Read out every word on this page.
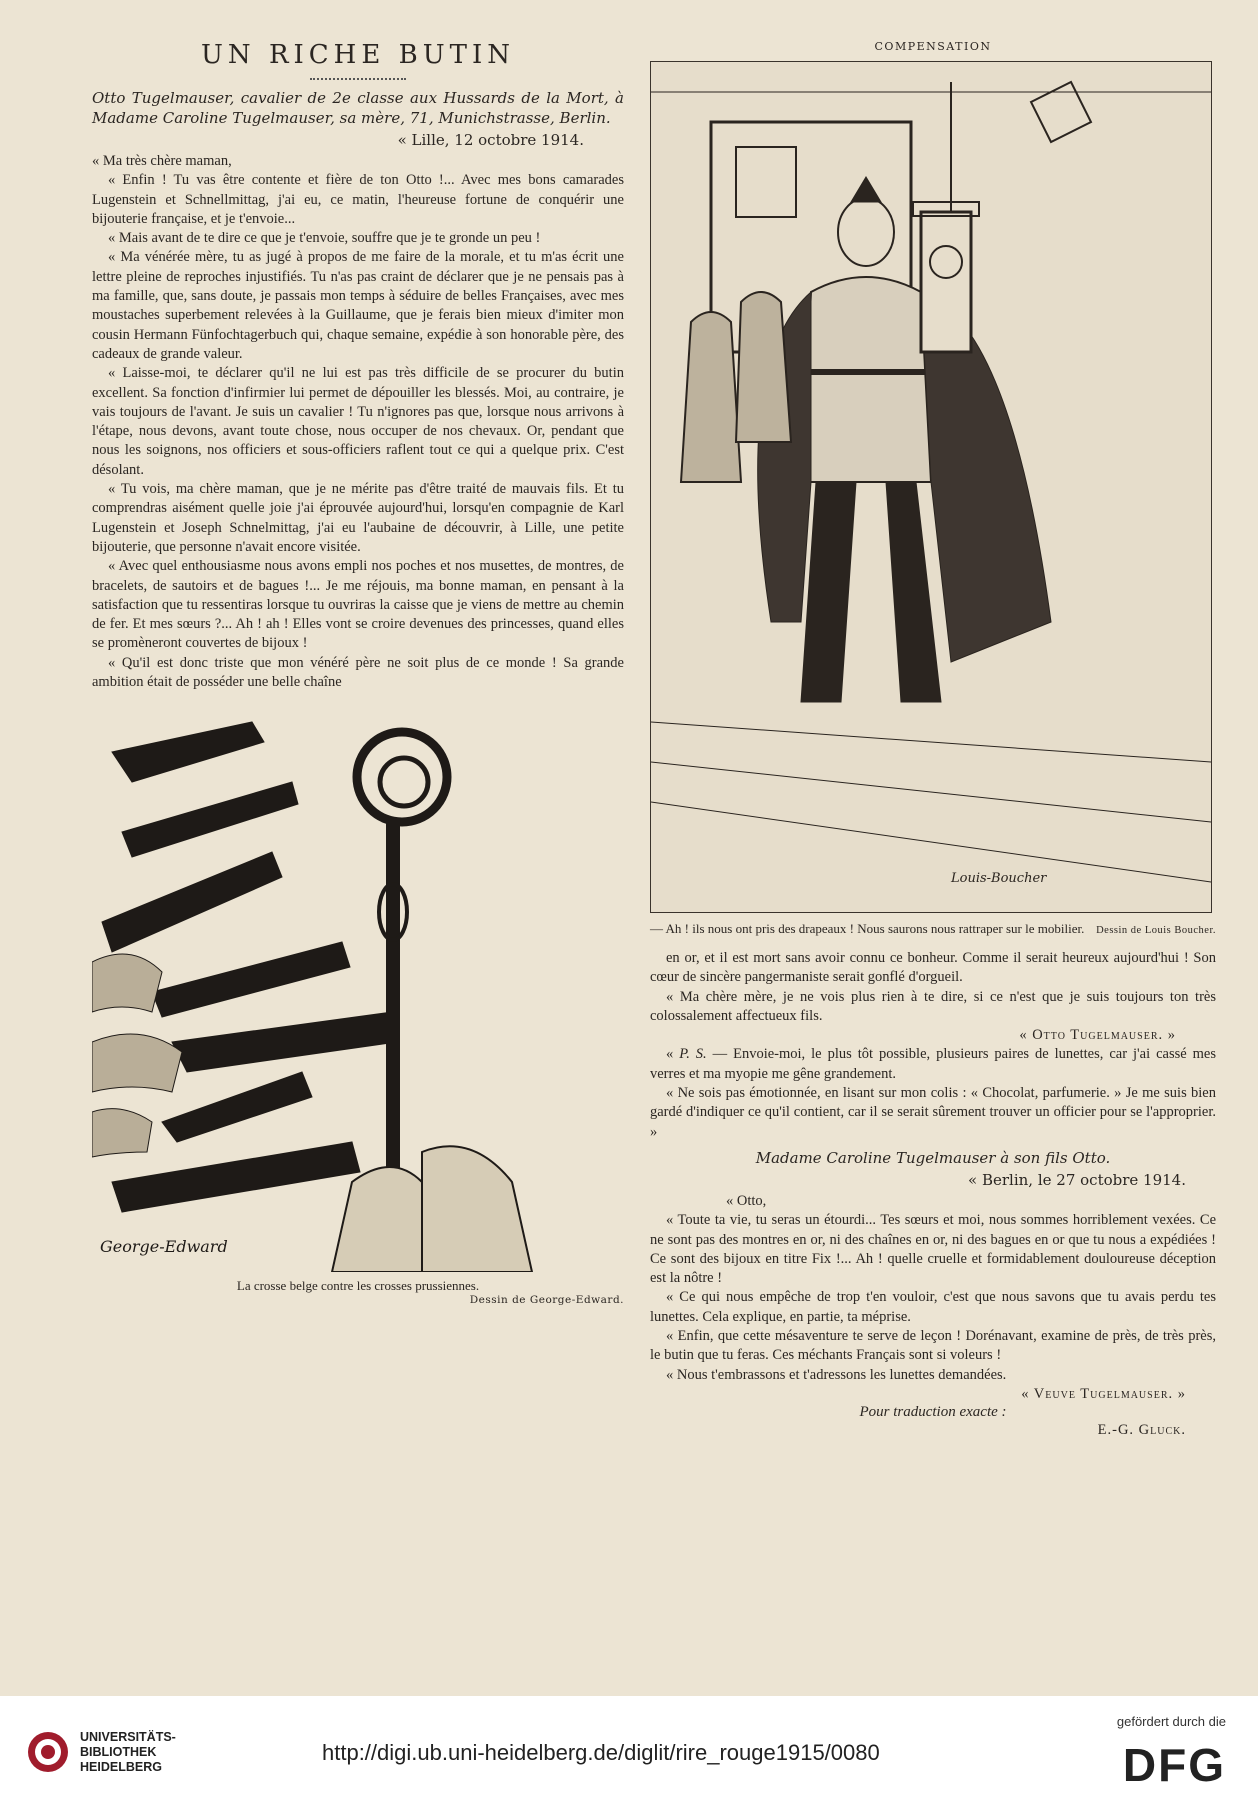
UN RICHE BUTIN
Otto Tugelmauser, cavalier de 2e classe aux Hussards de la Mort, à Madame Caroline Tugelmauser, sa mère, 71, Munichstrasse, Berlin.
« Lille, 12 octobre 1914.

« Ma très chère maman,

« Enfin ! Tu vas être contente et fière de ton Otto !... Avec mes bons camarades Lugenstein et Schnellmittag, j'ai eu, ce matin, l'heureuse fortune de conquérir une bijouterie française, et je t'envoie...

« Mais avant de te dire ce que je t'envoie, souffre que je te gronde un peu !

« Ma vénérée mère, tu as jugé à propos de me faire de la morale, et tu m'as écrit une lettre pleine de reproches injustifiés. Tu n'as pas craint de déclarer que je ne pensais pas à ma famille, que, sans doute, je passais mon temps à séduire de belles Françaises, avec mes moustaches superbement relevées à la Guillaume, que je ferais bien mieux d'imiter mon cousin Hermann Fünfochtagerbuch qui, chaque semaine, expédie à son honorable père, des cadeaux de grande valeur.

« Laisse-moi, te déclarer qu'il ne lui est pas très difficile de se procurer du butin excellent. Sa fonction d'infirmier lui permet de dépouiller les blessés. Moi, au contraire, je vais toujours de l'avant. Je suis un cavalier ! Tu n'ignores pas que, lorsque nous arrivons à l'étape, nous devons, avant toute chose, nous occuper de nos chevaux. Or, pendant que nous les soignons, nos officiers et sous-officiers raflent tout ce qui a quelque prix. C'est désolant.

« Tu vois, ma chère maman, que je ne mérite pas d'être traité de mauvais fils. Et tu comprendras aisément quelle joie j'ai éprouvée aujourd'hui, lorsqu'en compagnie de Karl Lugenstein et Joseph Schnelmittag, j'ai eu l'aubaine de découvrir, à Lille, une petite bijouterie, que personne n'avait encore visitée.

« Avec quel enthousiasme nous avons empli nos poches et nos musettes, de montres, de bracelets, de sautoirs et de bagues !... Je me réjouis, ma bonne maman, en pensant à la satisfaction que tu ressentiras lorsque tu ouvriras la caisse que je viens de mettre au chemin de fer. Et mes sœurs ?... Ah ! ah ! Elles vont se croire devenues des princesses, quand elles se promèneront couvertes de bijoux !

« Qu'il est donc triste que mon vénéré père ne soit plus de ce monde ! Sa grande ambition était de posséder une belle chaîne

George-Edward
La crosse belge contre les crosses prussiennes.
Dessin de George-Edward.
COMPENSATION
Louis-Boucher
— Ah ! ils nous ont pris des drapeaux ! Nous saurons nous rattraper sur le mobilier. Dessin de Louis Boucher.

en or, et il est mort sans avoir connu ce bonheur. Comme il serait heureux aujourd'hui ! Son cœur de sincère pangermaniste serait gonflé d'orgueil.

« Ma chère mère, je ne vois plus rien à te dire, si ce n'est que je suis toujours ton très colossalement affectueux fils.

« Otto Tugelmauser. »

« P. S. — Envoie-moi, le plus tôt possible, plusieurs paires de lunettes, car j'ai cassé mes verres et ma myopie me gêne grandement.

« Ne sois pas émotionnée, en lisant sur mon colis : « Chocolat, parfumerie. » Je me suis bien gardé d'indiquer ce qu'il contient, car il se serait sûrement trouver un officier pour se l'approprier. »

Madame Caroline Tugelmauser à son fils Otto.
« Berlin, le 27 octobre 1914.
« Otto,

« Toute ta vie, tu seras un étourdi... Tes sœurs et moi, nous sommes horriblement vexées. Ce ne sont pas des montres en or, ni des chaînes en or, ni des bagues en or que tu nous a expédiées ! Ce sont des bijoux en titre Fix !... Ah ! quelle cruelle et formidablement douloureuse déception est la nôtre !

« Ce qui nous empêche de trop t'en vouloir, c'est que nous savons que tu avais perdu tes lunettes. Cela explique, en partie, ta méprise.

« Enfin, que cette mésaventure te serve de leçon ! Dorénavant, examine de près, de très près, le butin que tu feras. Ces méchants Français sont si voleurs !

« Nous t'embrassons et t'adressons les lunettes demandées.

« Veuve Tugelmauser. »
Pour traduction exacte :
E.-G. Gluck.
UNIVERSITÄTS-
BIBLIOTHEK
HEIDELBERG
http://digi.ub.uni-heidelberg.de/diglit/rire_rouge1915/0080
gefördert durch die
DFG
